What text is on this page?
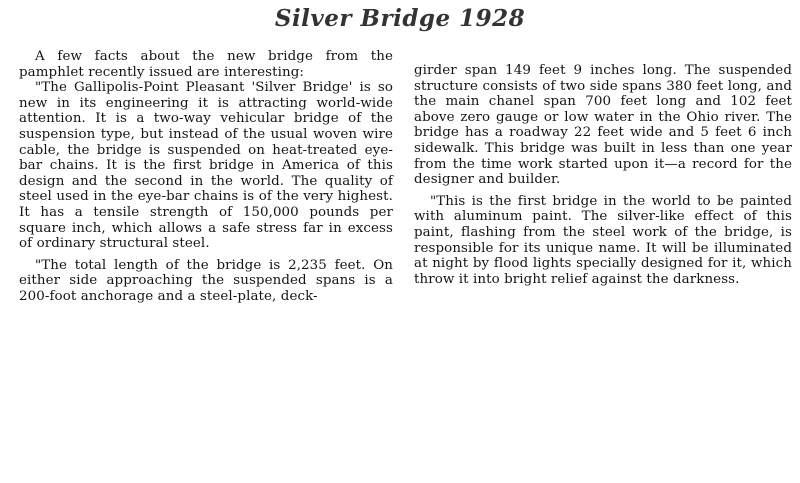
Silver Bridge 1928

A few facts about the new bridge from the pamphlet recently issued are interesting:

"The Gallipolis-Point Pleasant 'Silver Bridge' is so new in its engineering it is attracting world-wide attention. It is a two-way vehicular bridge of the suspension type, but instead of the usual woven wire cable, the bridge is suspended on heat-treated eye-bar chains. It is the first bridge in America of this design and the second in the world. The quality of steel used in the eye-bar chains is of the very highest. It has a tensile strength of 150,000 pounds per square inch, which allows a safe stress far in excess of ordinary structural steel.

"The total length of the bridge is 2,235 feet. On either side approaching the suspended spans is a 200-foot anchorage and a steel-plate, deck-

girder span 149 feet 9 inches long. The suspended structure consists of two side spans 380 feet long, and the main chanel span 700 feet long and 102 feet above zero gauge or low water in the Ohio river. The bridge has a roadway 22 feet wide and 5 feet 6 inch sidewalk. This bridge was built in less than one year from the time work started upon it—a record for the designer and builder.

"This is the first bridge in the world to be painted with aluminum paint. The silver-like effect of this paint, flashing from the steel work of the bridge, is responsible for its unique name. It will be illuminated at night by flood lights specially designed for it, which throw it into bright relief against the darkness.
